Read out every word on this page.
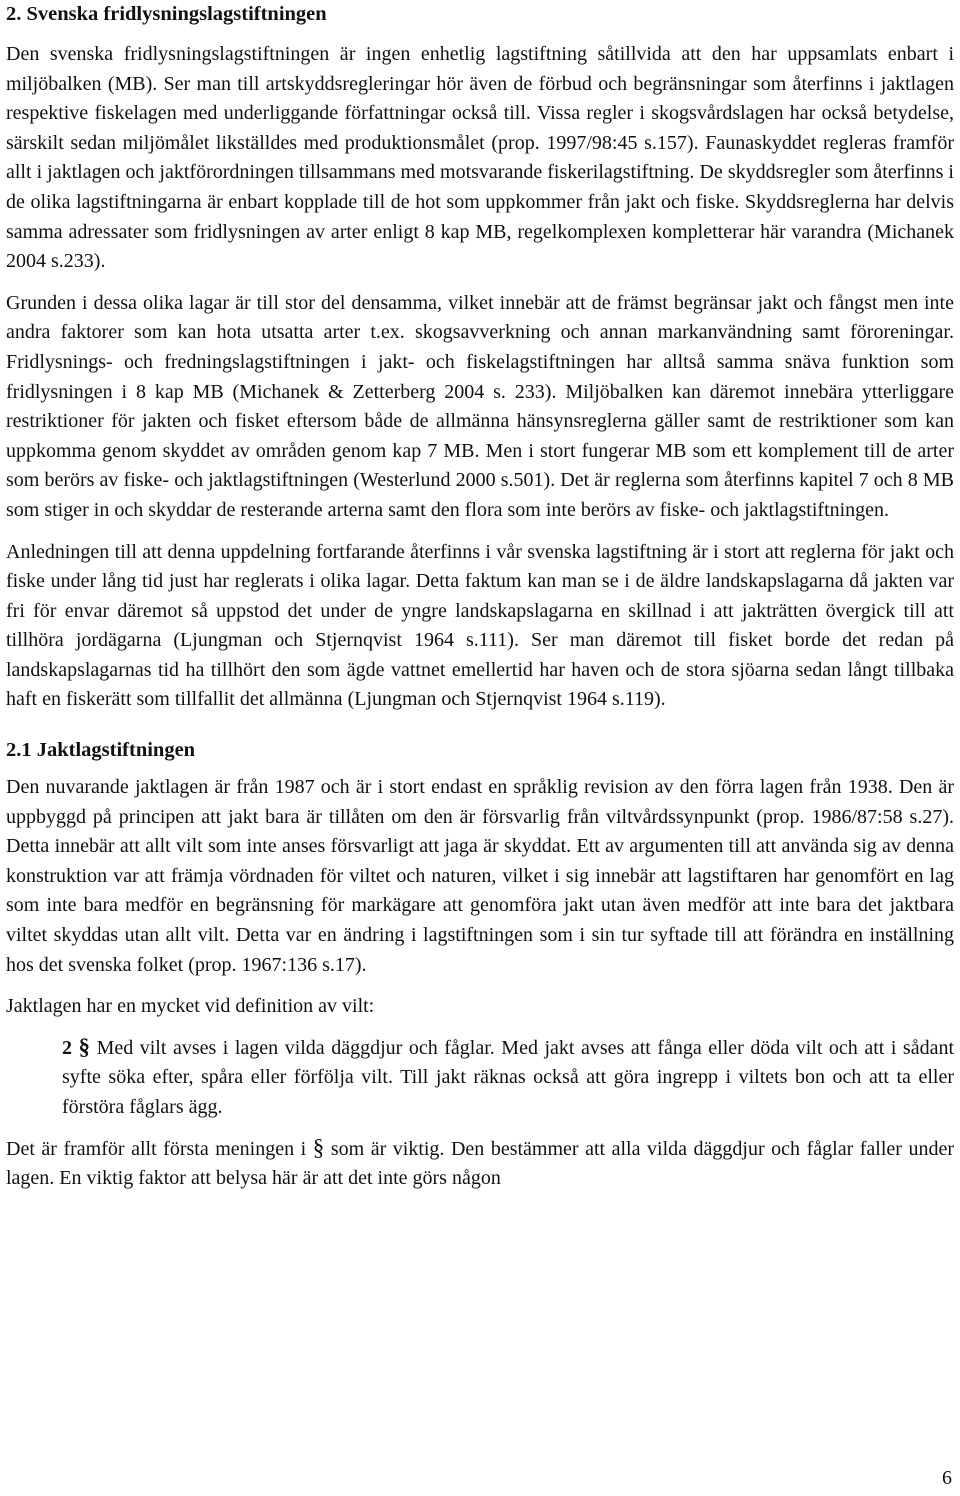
2. Svenska fridlysningslagstiftningen

Den svenska fridlysningslagstiftningen är ingen enhetlig lagstiftning såtillvida att den har uppsamlats enbart i miljöbalken (MB). Ser man till artskyddsregleringar hör även de förbud och begränsningar som återfinns i jaktlagen respektive fiskelagen med underliggande författningar också till. Vissa regler i skogsvårdslagen har också betydelse, särskilt sedan miljömålet likställdes med produktionsmålet (prop. 1997/98:45 s.157). Faunaskyddet regleras framför allt i jaktlagen och jaktförordningen tillsammans med motsvarande fiskerilagstiftning. De skyddsregler som återfinns i de olika lagstiftningarna är enbart kopplade till de hot som uppkommer från jakt och fiske. Skyddsreglerna har delvis samma adressater som fridlysningen av arter enligt 8 kap MB, regelkomplexen kompletterar här varandra (Michanek 2004 s.233).

Grunden i dessa olika lagar är till stor del densamma, vilket innebär att de främst begränsar jakt och fångst men inte andra faktorer som kan hota utsatta arter t.ex. skogsavverkning och annan markanvändning samt föroreningar. Fridlysnings- och fredningslagstiftningen i jakt- och fiskelagstiftningen har alltså samma snäva funktion som fridlysningen i 8 kap MB (Michanek & Zetterberg 2004 s. 233). Miljöbalken kan däremot innebära ytterliggare restriktioner för jakten och fisket eftersom både de allmänna hänsynsreglerna gäller samt de restriktioner som kan uppkomma genom skyddet av områden genom kap 7 MB. Men i stort fungerar MB som ett komplement till de arter som berörs av fiske- och jaktlagstiftningen (Westerlund 2000 s.501). Det är reglerna som återfinns kapitel 7 och 8 MB som stiger in och skyddar de resterande arterna samt den flora som inte berörs av fiske- och jaktlagstiftningen.

Anledningen till att denna uppdelning fortfarande återfinns i vår svenska lagstiftning är i stort att reglerna för jakt och fiske under lång tid just har reglerats i olika lagar. Detta faktum kan man se i de äldre landskapslagarna då jakten var fri för envar däremot så uppstod det under de yngre landskapslagarna en skillnad i att jakträtten övergick till att tillhöra jordägarna (Ljungman och Stjernqvist 1964 s.111). Ser man däremot till fisket borde det redan på landskapslagarnas tid ha tillhört den som ägde vattnet emellertid har haven och de stora sjöarna sedan långt tillbaka haft en fiskerätt som tillfallit det allmänna (Ljungman och Stjernqvist 1964 s.119).

2.1 Jaktlagstiftningen

Den nuvarande jaktlagen är från 1987 och är i stort endast en språklig revision av den förra lagen från 1938. Den är uppbyggd på principen att jakt bara är tillåten om den är försvarlig från viltvårdssynpunkt (prop. 1986/87:58 s.27). Detta innebär att allt vilt som inte anses försvarligt att jaga är skyddat. Ett av argumenten till att använda sig av denna konstruktion var att främja vördnaden för viltet och naturen, vilket i sig innebär att lagstiftaren har genomfört en lag som inte bara medför en begränsning för markägare att genomföra jakt utan även medför att inte bara det jaktbara viltet skyddas utan allt vilt. Detta var en ändring i lagstiftningen som i sin tur syftade till att förändra en inställning hos det svenska folket (prop. 1967:136 s.17).

Jaktlagen har en mycket vid definition av vilt:

2 § Med vilt avses i lagen vilda däggdjur och fåglar. Med jakt avses att fånga eller döda vilt och att i sådant syfte söka efter, spåra eller förfölja vilt. Till jakt räknas också att göra ingrepp i viltets bon och att ta eller förstöra fåglars ägg.

Det är framför allt första meningen i § som är viktig. Den bestämmer att alla vilda däggdjur och fåglar faller under lagen. En viktig faktor att belysa här är att det inte görs någon

6
